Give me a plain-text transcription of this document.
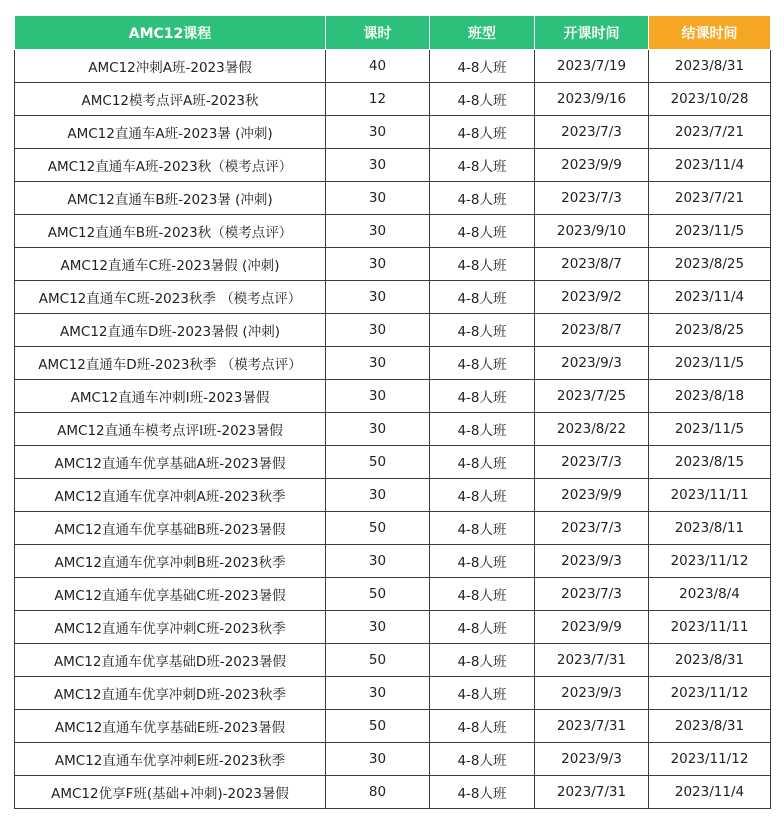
AMC12课程	课时	班型	开课时间	结课时间
AMC12冲刺A班-2023暑假	40	4-8人班	2023/7/19	2023/8/31
AMC12模考点评A班-2023秋	12	4-8人班	2023/9/16	2023/10/28
AMC12直通车A班-2023暑 (冲刺)	30	4-8人班	2023/7/3	2023/7/21
AMC12直通车A班-2023秋（模考点评）	30	4-8人班	2023/9/9	2023/11/4
AMC12直通车B班-2023暑 (冲刺)	30	4-8人班	2023/7/3	2023/7/21
AMC12直通车B班-2023秋（模考点评）	30	4-8人班	2023/9/10	2023/11/5
AMC12直通车C班-2023暑假 (冲刺)	30	4-8人班	2023/8/7	2023/8/25
AMC12直通车C班-2023秋季 （模考点评）	30	4-8人班	2023/9/2	2023/11/4
AMC12直通车D班-2023暑假 (冲刺)	30	4-8人班	2023/8/7	2023/8/25
AMC12直通车D班-2023秋季 （模考点评）	30	4-8人班	2023/9/3	2023/11/5
AMC12直通车冲刺I班-2023暑假	30	4-8人班	2023/7/25	2023/8/18
AMC12直通车模考点评I班-2023暑假	30	4-8人班	2023/8/22	2023/11/5
AMC12直通车优享基础A班-2023暑假	50	4-8人班	2023/7/3	2023/8/15
AMC12直通车优享冲刺A班-2023秋季	30	4-8人班	2023/9/9	2023/11/11
AMC12直通车优享基础B班-2023暑假	50	4-8人班	2023/7/3	2023/8/11
AMC12直通车优享冲刺B班-2023秋季	30	4-8人班	2023/9/3	2023/11/12
AMC12直通车优享基础C班-2023暑假	50	4-8人班	2023/7/3	2023/8/4
AMC12直通车优享冲刺C班-2023秋季	30	4-8人班	2023/9/9	2023/11/11
AMC12直通车优享基础D班-2023暑假	50	4-8人班	2023/7/31	2023/8/31
AMC12直通车优享冲刺D班-2023秋季	30	4-8人班	2023/9/3	2023/11/12
AMC12直通车优享基础E班-2023暑假	50	4-8人班	2023/7/31	2023/8/31
AMC12直通车优享冲刺E班-2023秋季	30	4-8人班	2023/9/3	2023/11/12
AMC12优享F班(基础+冲刺)-2023暑假	80	4-8人班	2023/7/31	2023/11/4
